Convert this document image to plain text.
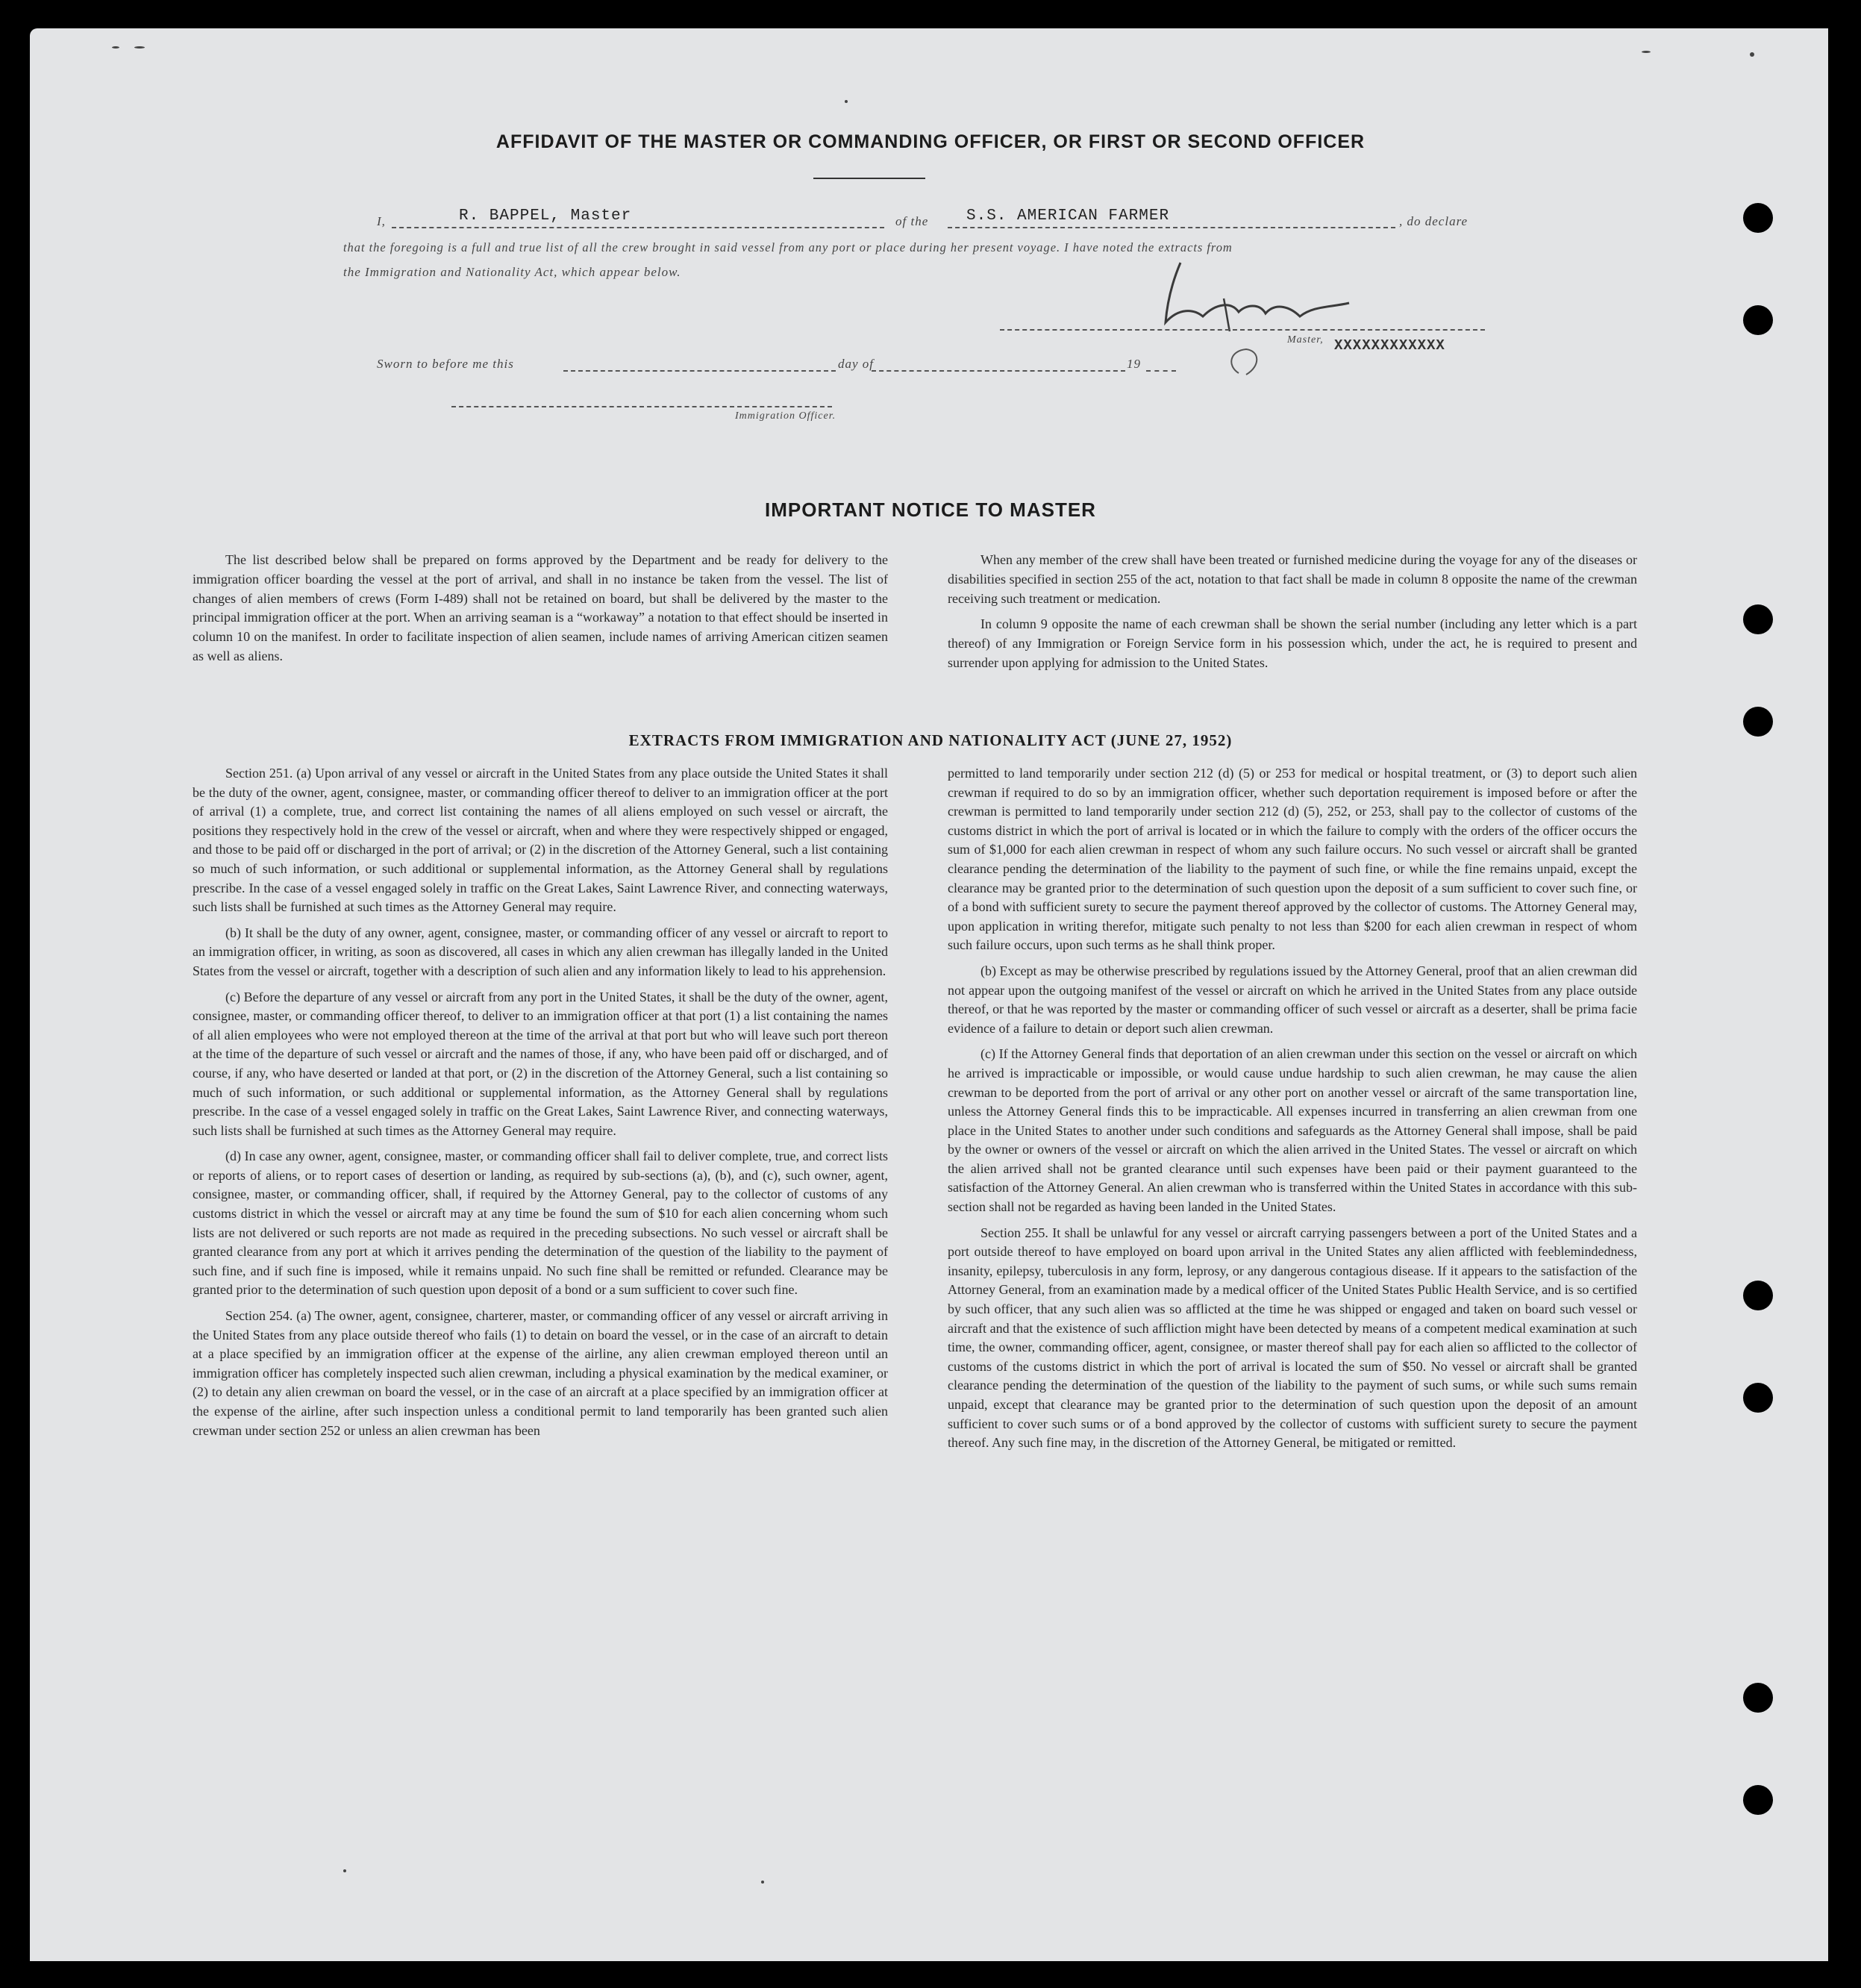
AFFIDAVIT OF THE MASTER OR COMMANDING OFFICER, OR FIRST OR SECOND OFFICER
I,	R. BAPPEL, Master	of the S.S. AMERICAN FARMER	, do declare
that the foregoing is a full and true list of all the crew brought in said vessel from any port or place during her present voyage. I have noted the extracts from
the Immigration and Nationality Act, which appear below.
Master, XXXXXXXXXXXX
Sworn to before me this	day of	19
Immigration Officer.
IMPORTANT NOTICE TO MASTER

The list described below shall be prepared on forms approved by the Department and be ready for delivery to the immigration officer boarding the vessel at the port of arrival, and shall in no instance be taken from the vessel. The list of changes of alien members of crews (Form I-489) shall not be retained on board, but shall be delivered by the master to the principal immigration officer at the port. When an arriving seaman is a “workaway” a notation to that effect should be inserted in column 10 on the manifest. In order to facilitate inspection of alien seamen, include names of arriving American citizen seamen as well as aliens.

When any member of the crew shall have been treated or furnished medicine during the voyage for any of the diseases or disabilities specified in section 255 of the act, notation to that fact shall be made in column 8 opposite the name of the crewman receiving such treatment or medication.

In column 9 opposite the name of each crewman shall be shown the serial number (including any letter which is a part thereof) of any Immigration or Foreign Service form in his possession which, under the act, he is required to present and surrender upon applying for admission to the United States.

EXTRACTS FROM IMMIGRATION AND NATIONALITY ACT (JUNE 27, 1952)

Section 251. (a) Upon arrival of any vessel or aircraft in the United States from any place outside the United States it shall be the duty of the owner, agent, consignee, master, or commanding officer thereof to deliver to an immigration officer at the port of arrival (1) a complete, true, and correct list containing the names of all aliens employed on such vessel or aircraft, the positions they respectively hold in the crew of the vessel or aircraft, when and where they were respectively shipped or engaged, and those to be paid off or discharged in the port of arrival; or (2) in the discretion of the Attorney General, such a list containing so much of such information, or such additional or supplemental information, as the Attorney General shall by regulations prescribe. In the case of a vessel engaged solely in traffic on the Great Lakes, Saint Lawrence River, and connecting waterways, such lists shall be furnished at such times as the Attorney General may require.

(b) It shall be the duty of any owner, agent, consignee, master, or commanding officer of any vessel or aircraft to report to an immigration officer, in writing, as soon as discovered, all cases in which any alien crewman has illegally landed in the United States from the vessel or aircraft, together with a description of such alien and any information likely to lead to his apprehension.

(c) Before the departure of any vessel or aircraft from any port in the United States, it shall be the duty of the owner, agent, consignee, master, or commanding officer thereof, to deliver to an immigration officer at that port (1) a list containing the names of all alien employees who were not employed thereon at the time of the arrival at that port but who will leave such port thereon at the time of the departure of such vessel or aircraft and the names of those, if any, who have been paid off or discharged, and of course, if any, who have deserted or landed at that port, or (2) in the discretion of the Attorney General, such a list containing so much of such information, or such additional or supplemental information, as the Attorney General shall by regulations prescribe. In the case of a vessel engaged solely in traffic on the Great Lakes, Saint Lawrence River, and connecting waterways, such lists shall be furnished at such times as the Attorney General may require.

(d) In case any owner, agent, consignee, master, or commanding officer shall fail to deliver complete, true, and correct lists or reports of aliens, or to report cases of desertion or landing, as required by sub-sections (a), (b), and (c), such owner, agent, consignee, master, or commanding officer, shall, if required by the Attorney General, pay to the collector of customs of any customs district in which the vessel or aircraft may at any time be found the sum of $10 for each alien concerning whom such lists are not delivered or such reports are not made as required in the preceding subsections. No such vessel or aircraft shall be granted clearance from any port at which it arrives pending the determination of the question of the liability to the payment of such fine, and if such fine is imposed, while it remains unpaid. No such fine shall be remitted or refunded. Clearance may be granted prior to the determination of such question upon deposit of a bond or a sum sufficient to cover such fine.

Section 254. (a) The owner, agent, consignee, charterer, master, or commanding officer of any vessel or aircraft arriving in the United States from any place outside thereof who fails (1) to detain on board the vessel, or in the case of an aircraft to detain at a place specified by an immigration officer at the expense of the airline, any alien crewman employed thereon until an immigration officer has completely inspected such alien crewman, including a physical examination by the medical examiner, or (2) to detain any alien crewman on board the vessel, or in the case of an aircraft at a place specified by an immigration officer at the expense of the airline, after such inspection unless a conditional permit to land temporarily has been granted such alien crewman under section 252 or unless an alien crewman has been

permitted to land temporarily under section 212 (d) (5) or 253 for medical or hospital treatment, or (3) to deport such alien crewman if required to do so by an immigration officer, whether such deportation requirement is imposed before or after the crewman is permitted to land temporarily under section 212 (d) (5), 252, or 253, shall pay to the collector of customs of the customs district in which the port of arrival is located or in which the failure to comply with the orders of the officer occurs the sum of $1,000 for each alien crewman in respect of whom any such failure occurs. No such vessel or aircraft shall be granted clearance pending the determination of the liability to the payment of such fine, or while the fine remains unpaid, except the clearance may be granted prior to the determination of such question upon the deposit of a sum sufficient to cover such fine, or of a bond with sufficient surety to secure the payment thereof approved by the collector of customs. The Attorney General may, upon application in writing therefor, mitigate such penalty to not less than $200 for each alien crewman in respect of whom such failure occurs, upon such terms as he shall think proper.

(b) Except as may be otherwise prescribed by regulations issued by the Attorney General, proof that an alien crewman did not appear upon the outgoing manifest of the vessel or aircraft on which he arrived in the United States from any place outside thereof, or that he was reported by the master or commanding officer of such vessel or aircraft as a deserter, shall be prima facie evidence of a failure to detain or deport such alien crewman.

(c) If the Attorney General finds that deportation of an alien crewman under this section on the vessel or aircraft on which he arrived is impracticable or impossible, or would cause undue hardship to such alien crewman, he may cause the alien crewman to be deported from the port of arrival or any other port on another vessel or aircraft of the same transportation line, unless the Attorney General finds this to be impracticable. All expenses incurred in transferring an alien crewman from one place in the United States to another under such conditions and safeguards as the Attorney General shall impose, shall be paid by the owner or owners of the vessel or aircraft on which the alien arrived in the United States. The vessel or aircraft on which the alien arrived shall not be granted clearance until such expenses have been paid or their payment guaranteed to the satisfaction of the Attorney General. An alien crewman who is transferred within the United States in accordance with this sub-section shall not be regarded as having been landed in the United States.

Section 255. It shall be unlawful for any vessel or aircraft carrying passengers between a port of the United States and a port outside thereof to have employed on board upon arrival in the United States any alien afflicted with feeblemindedness, insanity, epilepsy, tuberculosis in any form, leprosy, or any dangerous contagious disease. If it appears to the satisfaction of the Attorney General, from an examination made by a medical officer of the United States Public Health Service, and is so certified by such officer, that any such alien was so afflicted at the time he was shipped or engaged and taken on board such vessel or aircraft and that the existence of such affliction might have been detected by means of a competent medical examination at such time, the owner, commanding officer, agent, consignee, or master thereof shall pay for each alien so afflicted to the collector of customs of the customs district in which the port of arrival is located the sum of $50. No vessel or aircraft shall be granted clearance pending the determination of the question of the liability to the payment of such sums, or while such sums remain unpaid, except that clearance may be granted prior to the determination of such question upon the deposit of an amount sufficient to cover such sums or of a bond approved by the collector of customs with sufficient surety to secure the payment thereof. Any such fine may, in the discretion of the Attorney General, be mitigated or remitted.
